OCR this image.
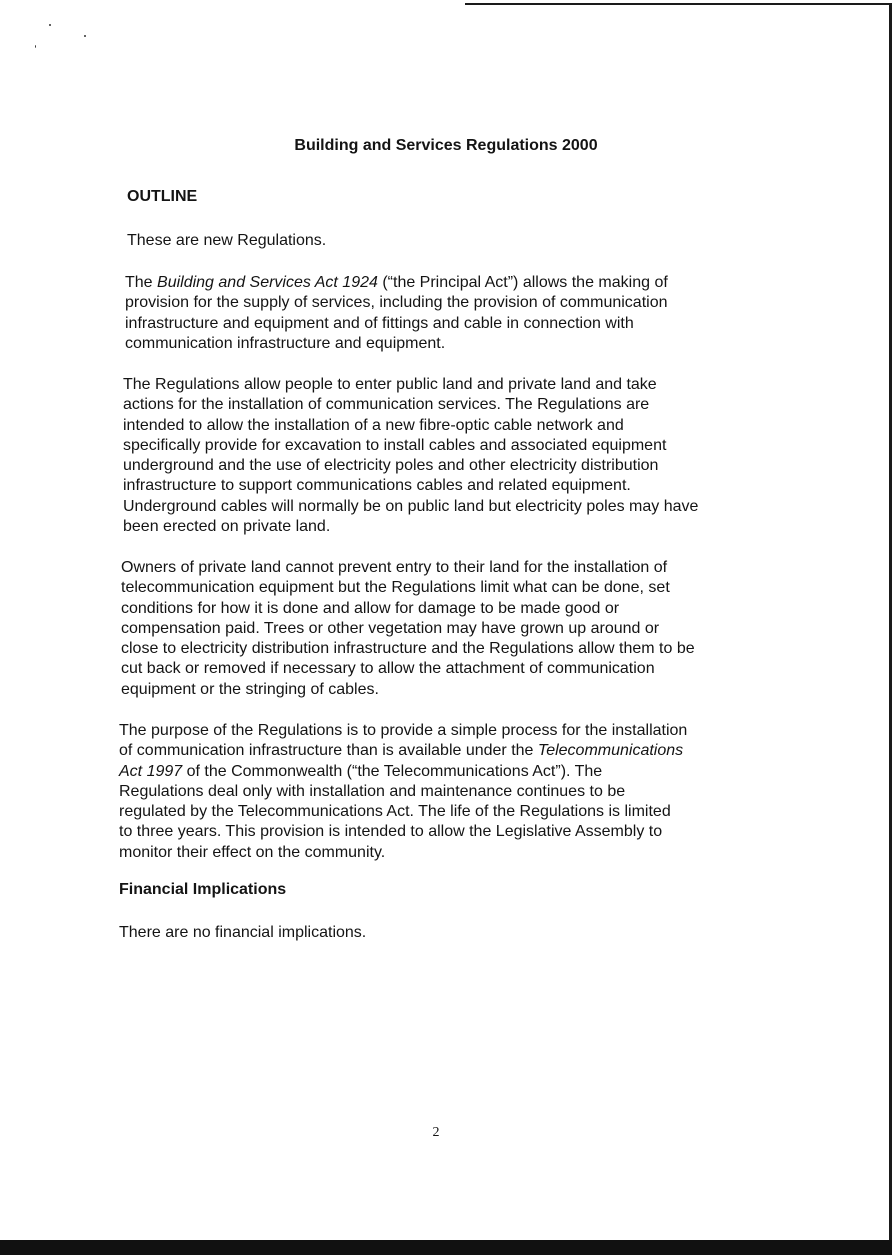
Building and Services Regulations 2000
OUTLINE

These are new Regulations.

The Building and Services Act 1924 (“the Principal Act”) allows the making of
provision for the supply of services, including the provision of communication
infrastructure and equipment and of fittings and cable in connection with
communication infrastructure and equipment.

The Regulations allow people to enter public land and private land and take
actions for the installation of communication services. The Regulations are
intended to allow the installation of a new fibre-optic cable network and
specifically provide for excavation to install cables and associated equipment
underground and the use of electricity poles and other electricity distribution
infrastructure to support communications cables and related equipment.
Underground cables will normally be on public land but electricity poles may have
been erected on private land.

Owners of private land cannot prevent entry to their land for the installation of
telecommunication equipment but the Regulations limit what can be done, set
conditions for how it is done and allow for damage to be made good or
compensation paid. Trees or other vegetation may have grown up around or
close to electricity distribution infrastructure and the Regulations allow them to be
cut back or removed if necessary to allow the attachment of communication
equipment or the stringing of cables.

The purpose of the Regulations is to provide a simple process for the installation
of communication infrastructure than is available under the Telecommunications
Act 1997 of the Commonwealth (“the Telecommunications Act”). The
Regulations deal only with installation and maintenance continues to be
regulated by the Telecommunications Act. The life of the Regulations is limited
to three years. This provision is intended to allow the Legislative Assembly to
monitor their effect on the community.

Financial Implications

There are no financial implications.

2
